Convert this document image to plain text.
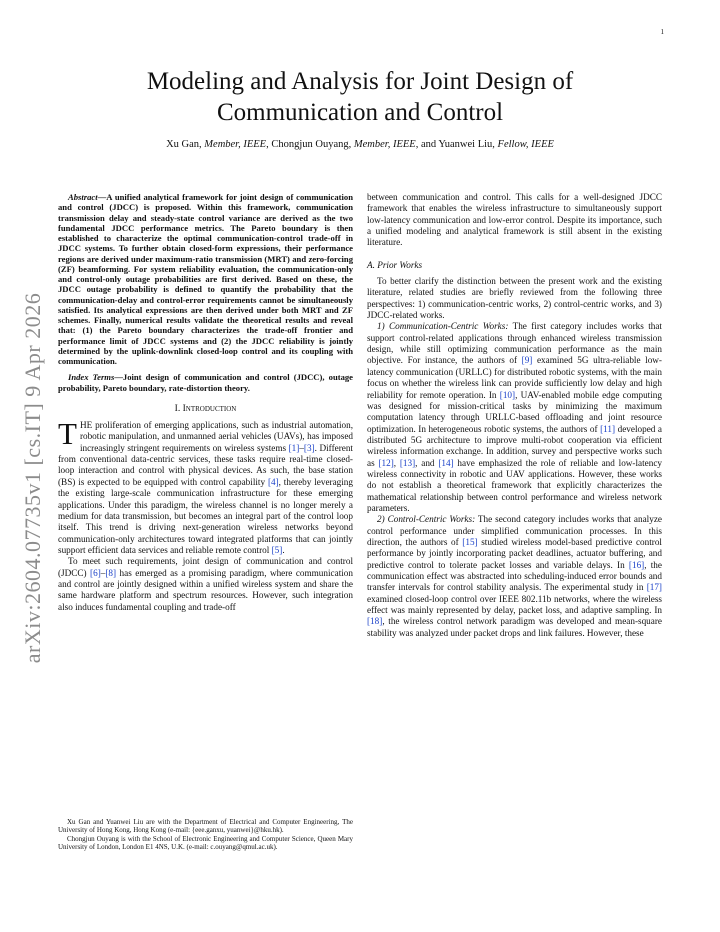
1
arXiv:2604.07735v1 [cs.IT] 9 Apr 2026
Modeling and Analysis for Joint Design of
Communication and Control

Xu Gan, Member, IEEE, Chongjun Ouyang, Member, IEEE, and Yuanwei Liu, Fellow, IEEE

Abstract—A unified analytical framework for joint design of communication and control (JDCC) is proposed. Within this framework, communication transmission delay and steady-state control variance are derived as the two fundamental JDCC performance metrics. The Pareto boundary is then established to characterize the optimal communication-control trade-off in JDCC systems. To further obtain closed-form expressions, their performance regions are derived under maximum-ratio transmission (MRT) and zero-forcing (ZF) beamforming. For system reliability evaluation, the communication-only and control-only outage probabilities are first derived. Based on these, the JDCC outage probability is defined to quantify the probability that the communication-delay and control-error requirements cannot be simultaneously satisfied. Its analytical expressions are then derived under both MRT and ZF schemes. Finally, numerical results validate the theoretical results and reveal that: (1) the Pareto boundary characterizes the trade-off frontier and performance limit of JDCC systems and (2) the JDCC reliability is jointly determined by the uplink-downlink closed-loop control and its coupling with communication.

Index Terms—Joint design of communication and control (JDCC), outage probability, Pareto boundary, rate-distortion theory.

I. Introduction

THE proliferation of emerging applications, such as industrial automation, robotic manipulation, and unmanned aerial vehicles (UAVs), has imposed increasingly stringent requirements on wireless systems [1]–[3]. Different from conventional data-centric services, these tasks require real-time closed-loop interaction and control with physical devices. As such, the base station (BS) is expected to be equipped with control capability [4], thereby leveraging the existing large-scale communication infrastructure for these emerging applications. Under this paradigm, the wireless channel is no longer merely a medium for data transmission, but becomes an integral part of the control loop itself. This trend is driving next-generation wireless networks beyond communication-only architectures toward integrated platforms that can jointly support efficient data services and reliable remote control [5].

To meet such requirements, joint design of communication and control (JDCC) [6]–[8] has emerged as a promising paradigm, where communication and control are jointly designed within a unified wireless system and share the same hardware platform and spectrum resources. However, such integration also induces fundamental coupling and trade-off

Xu Gan and Yuanwei Liu are with the Department of Electrical and Computer Engineering, The University of Hong Kong, Hong Kong (e-mail: {eee.ganxu, yuanwei}@hku.hk).

Chongjun Ouyang is with the School of Electronic Engineering and Computer Science, Queen Mary University of London, London E1 4NS, U.K. (e-mail: c.ouyang@qmul.ac.uk).

between communication and control. This calls for a well-designed JDCC framework that enables the wireless infrastructure to simultaneously support low-latency communication and low-error control. Despite its importance, such a unified modeling and analytical framework is still absent in the existing literature.

A. Prior Works

To better clarify the distinction between the present work and the existing literature, related studies are briefly reviewed from the following three perspectives: 1) communication-centric works, 2) control-centric works, and 3) JDCC-related works.

1) Communication-Centric Works: The first category includes works that support control-related applications through enhanced wireless transmission design, while still optimizing communication performance as the main objective. For instance, the authors of [9] examined 5G ultra-reliable low-latency communication (URLLC) for distributed robotic systems, with the main focus on whether the wireless link can provide sufficiently low delay and high reliability for remote operation. In [10], UAV-enabled mobile edge computing was designed for mission-critical tasks by minimizing the maximum computation latency through URLLC-based offloading and joint resource optimization. In heterogeneous robotic systems, the authors of [11] developed a distributed 5G architecture to improve multi-robot cooperation via efficient wireless information exchange. In addition, survey and perspective works such as [12], [13], and [14] have emphasized the role of reliable and low-latency wireless connectivity in robotic and UAV applications. However, these works do not establish a theoretical framework that explicitly characterizes the mathematical relationship between control performance and wireless network parameters.

2) Control-Centric Works: The second category includes works that analyze control performance under simplified communication processes. In this direction, the authors of [15] studied wireless model-based predictive control performance by jointly incorporating packet deadlines, actuator buffering, and predictive control to tolerate packet losses and variable delays. In [16], the communication effect was abstracted into scheduling-induced error bounds and transfer intervals for control stability analysis. The experimental study in [17] examined closed-loop control over IEEE 802.11b networks, where the wireless effect was mainly represented by delay, packet loss, and adaptive sampling. In [18], the wireless control network paradigm was developed and mean-square stability was analyzed under packet drops and link failures. However, these
